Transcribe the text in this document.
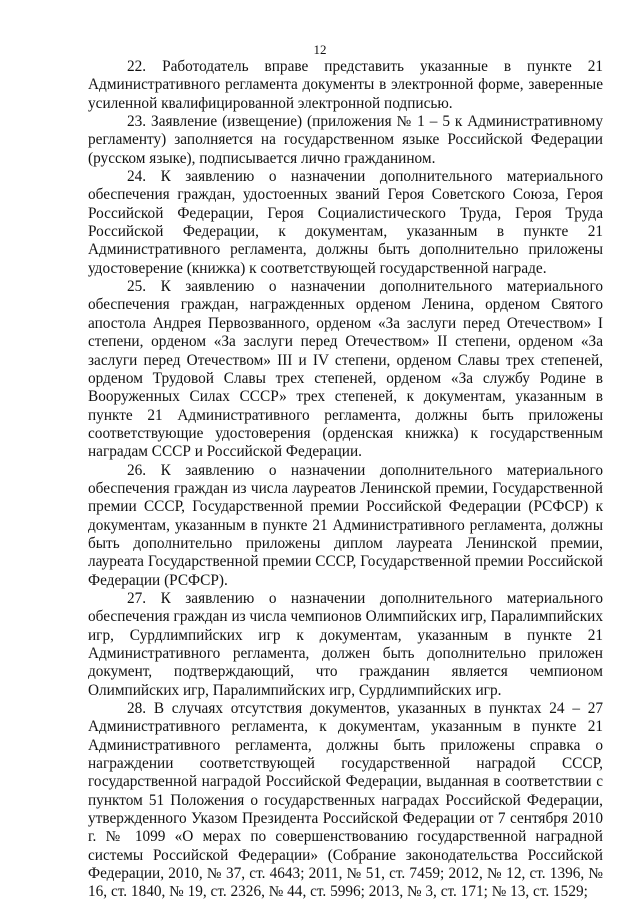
12

22. Работодатель вправе представить указанные в пункте 21 Административного регламента документы в электронной форме, заверенные усиленной квалифицированной электронной подписью.

23. Заявление (извещение) (приложения № 1 – 5 к Административному регламенту) заполняется на государственном языке Российской Федерации (русском языке), подписывается лично гражданином.

24. К заявлению о назначении дополнительного материального обеспечения граждан, удостоенных званий Героя Советского Союза, Героя Российской Федерации, Героя Социалистического Труда, Героя Труда Российской Федерации, к документам, указанным в пункте 21 Административного регламента, должны быть дополнительно приложены удостоверение (книжка) к соответствующей государственной награде.

25. К заявлению о назначении дополнительного материального обеспечения граждан, награжденных орденом Ленина, орденом Святого апостола Андрея Первозванного, орденом «За заслуги перед Отечеством» I степени, орденом «За заслуги перед Отечеством» II степени, орденом «За заслуги перед Отечеством» III и IV степени, орденом Славы трех степеней, орденом Трудовой Славы трех степеней, орденом «За службу Родине в Вооруженных Силах СССР» трех степеней, к документам, указанным в пункте 21 Административного регламента, должны быть приложены соответствующие удостоверения (орденская книжка) к государственным наградам СССР и Российской Федерации.

26. К заявлению о назначении дополнительного материального обеспечения граждан из числа лауреатов Ленинской премии, Государственной премии СССР, Государственной премии Российской Федерации (РСФСР) к документам, указанным в пункте 21 Административного регламента, должны быть дополнительно приложены диплом лауреата Ленинской премии, лауреата Государственной премии СССР, Государственной премии Российской Федерации (РСФСР).

27. К заявлению о назначении дополнительного материального обеспечения граждан из числа чемпионов Олимпийских игр, Паралимпийских игр, Сурдлимпийских игр к документам, указанным в пункте 21 Административного регламента, должен быть дополнительно приложен документ, подтверждающий, что гражданин является чемпионом Олимпийских игр, Паралимпийских игр, Сурдлимпийских игр.

28. В случаях отсутствия документов, указанных в пунктах 24 – 27 Административного регламента, к документам, указанным в пункте 21 Административного регламента, должны быть приложены справка о награждении соответствующей государственной наградой СССР, государственной наградой Российской Федерации, выданная в соответствии с пунктом 51 Положения о государственных наградах Российской Федерации, утвержденного Указом Президента Российской Федерации от 7 сентября 2010 г. № 1099 «О мерах по совершенствованию государственной наградной системы Российской Федерации» (Собрание законодательства Российской Федерации, 2010, № 37, ст. 4643; 2011, № 51, ст. 7459; 2012, № 12, ст. 1396, № 16, ст. 1840, № 19, ст. 2326, № 44, ст. 5996; 2013, № 3, ст. 171; № 13, ст. 1529;
